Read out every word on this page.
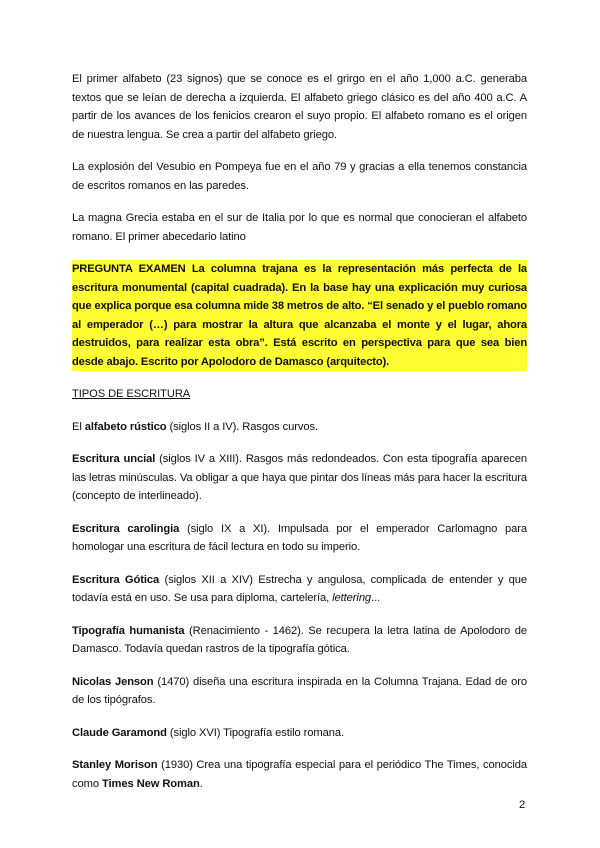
El primer alfabeto (23 signos) que se conoce es el grirgo en el año 1,000 a.C. generaba textos que se leían de derecha a izquierda. El alfabeto griego clásico es del año 400 a.C. A partir de los avances de los fenicios crearon el suyo propio. El alfabeto romano es el origen de nuestra lengua. Se crea a partir del alfabeto griego.

La explosión del Vesubio en Pompeya fue en el año 79 y gracias a ella tenemos constancia de escritos romanos en las paredes.

La magna Grecia estaba en el sur de Italia por lo que es normal que conocieran el alfabeto romano. El primer abecedario latino

PREGUNTA EXAMEN La columna trajana es la representación más perfecta de la escritura monumental (capital cuadrada). En la base hay una explicación muy curiosa que explica porque esa columna mide 38 metros de alto. “El senado y el pueblo romano al emperador (…) para mostrar la altura que alcanzaba el monte y el lugar, ahora destruidos, para realizar esta obra”. Está escrito en perspectiva para que sea bien desde abajo. Escrito por Apolodoro de Damasco (arquitecto).

TIPOS DE ESCRITURA

El alfabeto rústico (siglos II a IV). Rasgos curvos.

Escritura uncial (siglos IV a XIII). Rasgos más redondeados. Con esta tipografía aparecen las letras minúsculas. Va obligar a que haya que pintar dos líneas más para hacer la escritura (concepto de interlineado).

Escritura carolingia (siglo IX a XI). Impulsada por el emperador Carlomagno para homologar una escritura de fácil lectura en todo su imperio.

Escritura Gótica (siglos XII a XIV) Estrecha y angulosa, complicada de entender y que todavía está en uso. Se usa para diploma, cartelería, lettering...

Tipografía humanista (Renacimiento - 1462). Se recupera la letra latina de Apolodoro de Damasco. Todavía quedan rastros de la tipografía gótica.

Nicolas Jenson (1470) diseña una escritura inspirada en la Columna Trajana. Edad de oro de los tipógrafos.

Claude Garamond (siglo XVI) Tipografía estilo romana.

Stanley Morison (1930) Crea una tipografía especial para el periódico The Times, conocida como Times New Roman.

2
